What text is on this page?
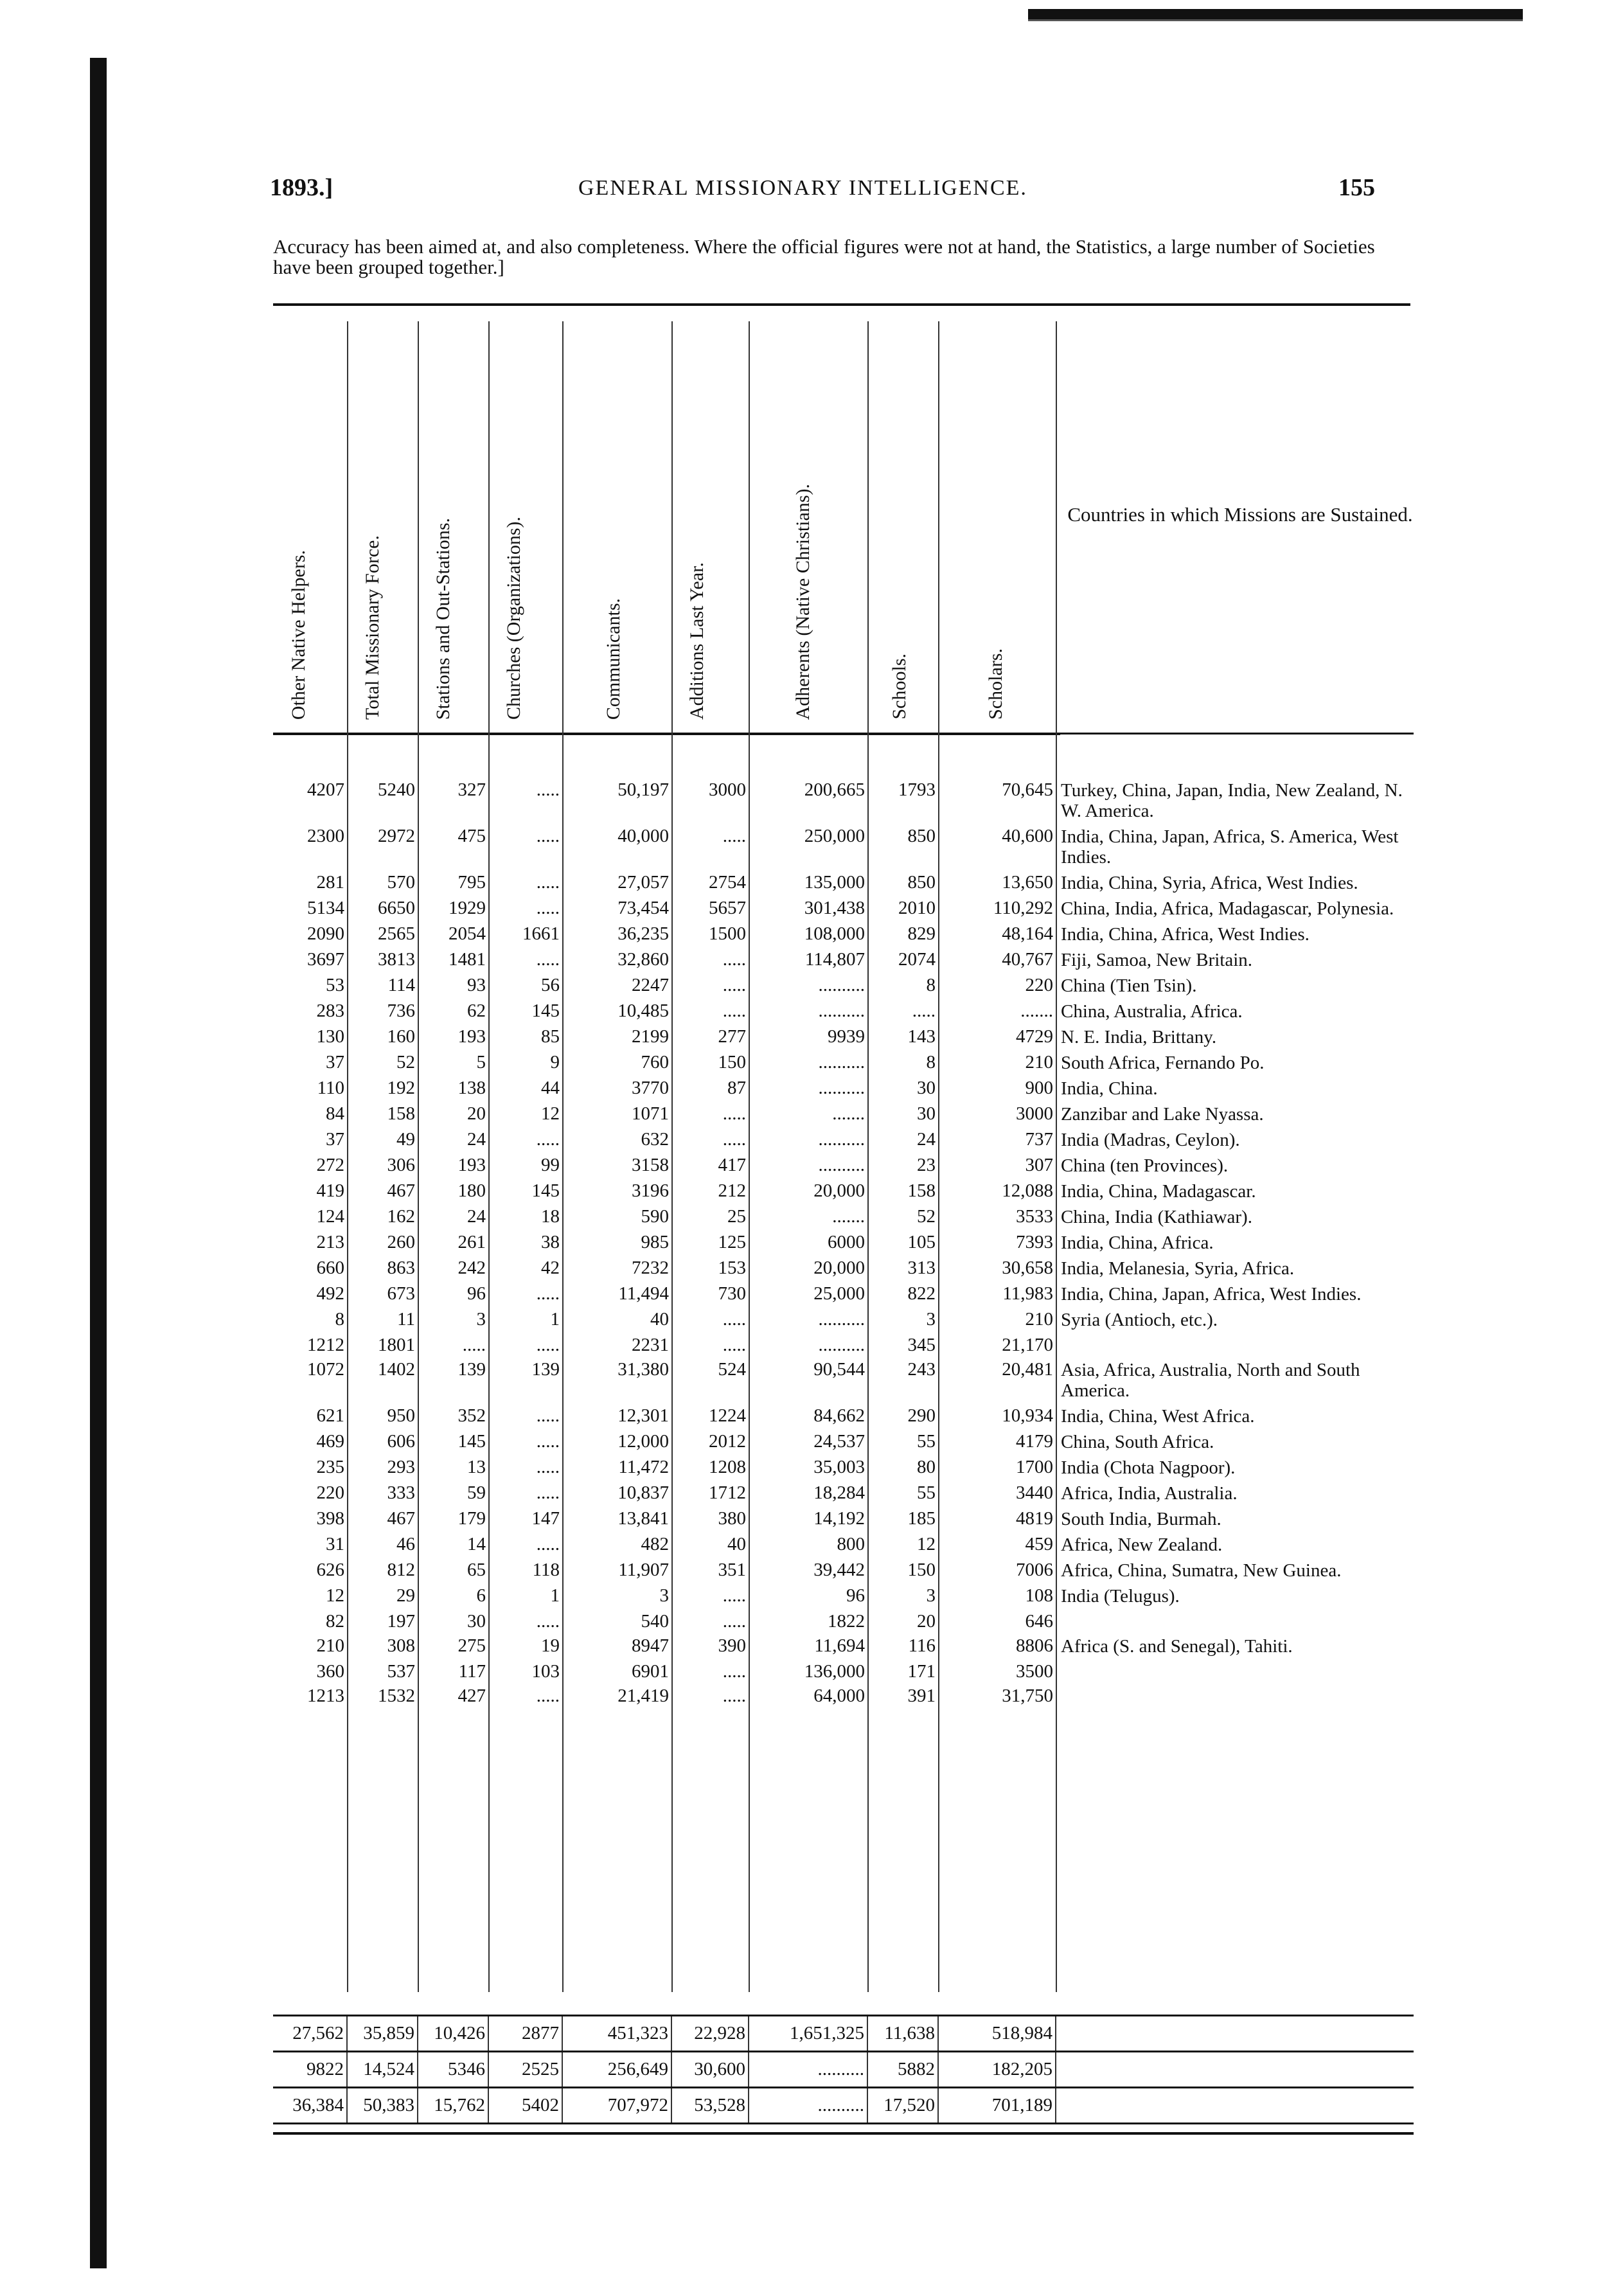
1893.]	GENERAL MISSIONARY INTELLIGENCE.	155
Accuracy has been aimed at, and also completeness. Where the official figures were not at hand, the Statistics, a large number of Societies have been grouped together.]
Other Native Helpers.	Total Missionary Force.	Stations and Out-Stations.	Churches (Organizations).	Communicants.	Additions Last Year.	Adherents (Native Christians).	Schools.	Scholars.
Countries in which Missions are Sustained.
4207	5240	327	.....	50,197	3000	200,665	1793	70,645	Turkey, China, Japan, India, New Zealand, N. W. America.
2300	2972	475	.....	40,000	.....	250,000	850	40,600	India, China, Japan, Africa, S. America, West Indies.
281	570	795	.....	27,057	2754	135,000	850	13,650	India, China, Syria, Africa, West Indies.
5134	6650	1929	.....	73,454	5657	301,438	2010	110,292	China, India, Africa, Madagascar, Polynesia.
2090	2565	2054	1661	36,235	1500	108,000	829	48,164	India, China, Africa, West Indies.
3697	3813	1481	.....	32,860	.....	114,807	2074	40,767	Fiji, Samoa, New Britain.
53	114	93	56	2247	.....	..........	8	220	China (Tien Tsin).
283	736	62	145	10,485	.....	..........	.....	.......	China, Australia, Africa.
130	160	193	85	2199	277	9939	143	4729	N. E. India, Brittany.
37	52	5	9	760	150	..........	8	210	South Africa, Fernando Po.
110	192	138	44	3770	87	..........	30	900	India, China.
84	158	20	12	1071	.....	.......	30	3000	Zanzibar and Lake Nyassa.
37	49	24	.....	632	.....	..........	24	737	India (Madras, Ceylon).
272	306	193	99	3158	417	..........	23	307	China (ten Provinces).
419	467	180	145	3196	212	20,000	158	12,088	India, China, Madagascar.
124	162	24	18	590	25	.......	52	3533	China, India (Kathiawar).
213	260	261	38	985	125	6000	105	7393	India, China, Africa.
660	863	242	42	7232	153	20,000	313	30,658	India, Melanesia, Syria, Africa.
492	673	96	.....	11,494	730	25,000	822	11,983	India, China, Japan, Africa, West Indies.
8	11	3	1	40	.....	..........	3	210	Syria (Antioch, etc.).
1212	1801	.....	.....	2231	.....	..........	345	21,170	
1072	1402	139	139	31,380	524	90,544	243	20,481	Asia, Africa, Australia, North and South America.
621	950	352	.....	12,301	1224	84,662	290	10,934	India, China, West Africa.
469	606	145	.....	12,000	2012	24,537	55	4179	China, South Africa.
235	293	13	.....	11,472	1208	35,003	80	1700	India (Chota Nagpoor).
220	333	59	.....	10,837	1712	18,284	55	3440	Africa, India, Australia.
398	467	179	147	13,841	380	14,192	185	4819	South India, Burmah.
31	46	14	.....	482	40	800	12	459	Africa, New Zealand.
626	812	65	118	11,907	351	39,442	150	7006	Africa, China, Sumatra, New Guinea.
12	29	6	1	3	.....	96	3	108	India (Telugus).
82	197	30	.....	540	.....	1822	20	646	
210	308	275	19	8947	390	11,694	116	8806	Africa (S. and Senegal), Tahiti.
360	537	117	103	6901	.....	136,000	171	3500	
1213	1532	427	.....	21,419	.....	64,000	391	31,750	
27,562	35,859	10,426	2877	451,323	22,928	1,651,325	11,638	518,984	
9822	14,524	5346	2525	256,649	30,600	..........	5882	182,205	
36,384	50,383	15,762	5402	707,972	53,528	..........	17,520	701,189	
